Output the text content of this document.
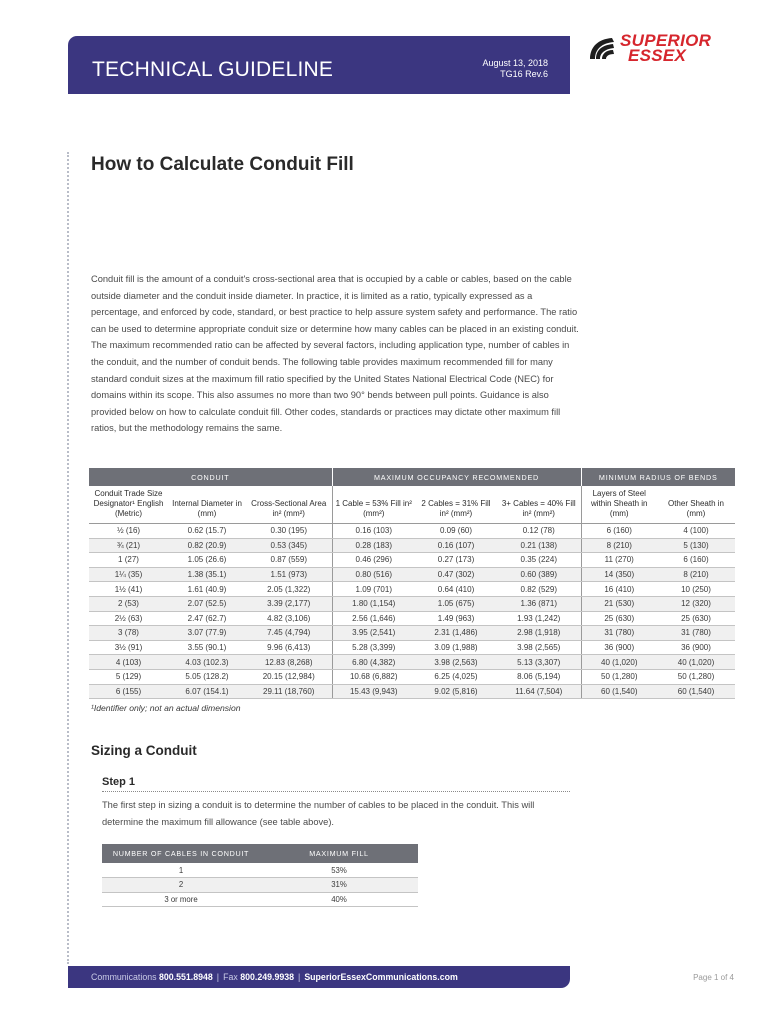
TECHNICAL GUIDELINE	August 13, 2018
TG16 Rev.6
SUPERIOR
ESSEX
How to Calculate Conduit Fill

Conduit fill is the amount of a conduit's cross-sectional area that is occupied by a cable or cables, based on the cable outside diameter and the conduit inside diameter. In practice, it is limited as a ratio, typically expressed as a percentage, and enforced by code, standard, or best practice to help assure system safety and performance. The ratio can be used to determine appropriate conduit size or determine how many cables can be placed in an existing conduit. The maximum recommended ratio can be affected by several factors, including application type, number of cables in the conduit, and the number of conduit bends. The following table provides maximum recommended fill for many standard conduit sizes at the maximum fill ratio specified by the United States National Electrical Code (NEC) for domains within its scope. This also assumes no more than two 90° bends between pull points. Guidance is also provided below on how to calculate conduit fill. Other codes, standards or practices may dictate other maximum fill ratios, but the methodology remains the same.

CONDUIT			MAXIMUM OCCUPANCY RECOMMENDED			MINIMUM RADIUS OF BENDS	
Conduit Trade Size Designator¹ English (Metric)	Internal Diameter in (mm)	Cross-Sectional Area in² (mm²)	1 Cable = 53% Fill in² (mm²)	2 Cables = 31% Fill in² (mm²)	3+ Cables = 40% Fill in² (mm²)	Layers of Steel within Sheath in (mm)	Other Sheath in (mm)
½ (16)	0.62 (15.7)	0.30 (195)	0.16 (103)	0.09 (60)	0.12 (78)	6 (160)	4 (100)
¾ (21)	0.82 (20.9)	0.53 (345)	0.28 (183)	0.16 (107)	0.21 (138)	8 (210)	5 (130)
1 (27)	1.05 (26.6)	0.87 (559)	0.46 (296)	0.27 (173)	0.35 (224)	11 (270)	6 (160)
1¼ (35)	1.38 (35.1)	1.51 (973)	0.80 (516)	0.47 (302)	0.60 (389)	14 (350)	8 (210)
1½ (41)	1.61 (40.9)	2.05 (1,322)	1.09 (701)	0.64 (410)	0.82 (529)	16 (410)	10 (250)
2 (53)	2.07 (52.5)	3.39 (2,177)	1.80 (1,154)	1.05 (675)	1.36 (871)	21 (530)	12 (320)
2½ (63)	2.47 (62.7)	4.82 (3,106)	2.56 (1,646)	1.49 (963)	1.93 (1,242)	25 (630)	25 (630)
3 (78)	3.07 (77.9)	7.45 (4,794)	3.95 (2,541)	2.31 (1,486)	2.98 (1,918)	31 (780)	31 (780)
3½ (91)	3.55 (90.1)	9.96 (6,413)	5.28 (3,399)	3.09 (1,988)	3.98 (2,565)	36 (900)	36 (900)
4 (103)	4.03 (102.3)	12.83 (8,268)	6.80 (4,382)	3.98 (2,563)	5.13 (3,307)	40 (1,020)	40 (1,020)
5 (129)	5.05 (128.2)	20.15 (12,984)	10.68 (6,882)	6.25 (4,025)	8.06 (5,194)	50 (1,280)	50 (1,280)
6 (155)	6.07 (154.1)	29.11 (18,760)	15.43 (9,943)	9.02 (5,816)	11.64 (7,504)	60 (1,540)	60 (1,540)
¹Identifier only; not an actual dimension
Sizing a Conduit
Step 1

The first step in sizing a conduit is to determine the number of cables to be placed in the conduit. This will determine the maximum fill allowance (see table above).

NUMBER OF CABLES IN CONDUIT	MAXIMUM FILL
1	53%
2	31%
3 or more	40%
Communications 800.551.8948 | Fax 800.249.9938 | SuperiorEssexCommunications.com	Page 1 of 4
